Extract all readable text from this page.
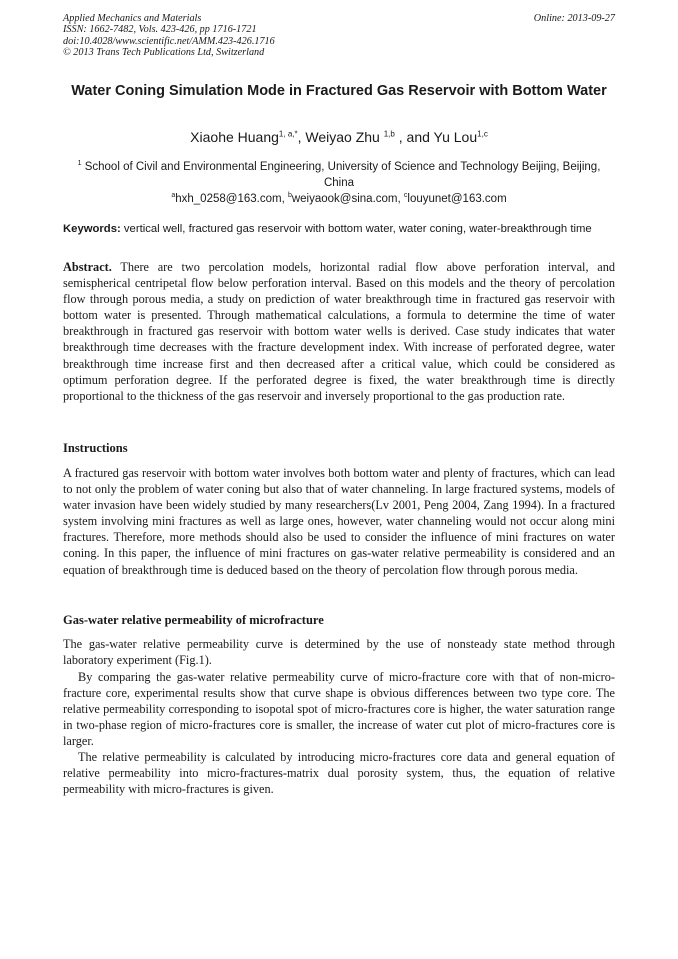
Applied Mechanics and Materials
ISSN: 1662-7482, Vols. 423-426, pp 1716-1721
doi:10.4028/www.scientific.net/AMM.423-426.1716
© 2013 Trans Tech Publications Ltd, Switzerland
Online: 2013-09-27
Water Coning Simulation Mode in Fractured Gas Reservoir with Bottom Water
Xiaohe Huang$^{1, a,*}$, Weiyao Zhu $^{1,b}$ , and Yu Lou$^{1,c}$
$^1$ School of Civil and Environmental Engineering, University of Science and Technology Beijing, Beijing, China
$^a$hxh_0258@163.com, $^b$weiyaook@sina.com, $^c$louyunet@163.com
Keywords: vertical well, fractured gas reservoir with bottom water, water coning, water-breakthrough time

Abstract. There are two percolation models, horizontal radial flow above perforation interval, and semispherical centripetal flow below perforation interval. Based on this models and the theory of percolation flow through porous media, a study on prediction of water breakthrough time in fractured gas reservoir with bottom water is presented. Through mathematical calculations, a formula to determine the time of water breakthrough in fractured gas reservoir with bottom water wells is derived. Case study indicates that water breakthrough time decreases with the fracture development index. With increase of perforated degree, water breakthrough time increase first and then decreased after a critical value, which could be considered as optimum perforation degree. If the perforated degree is fixed, the water breakthrough time is directly proportional to the thickness of the gas reservoir and inversely proportional to the gas production rate.

Instructions

A fractured gas reservoir with bottom water involves both bottom water and plenty of fractures, which can lead to not only the problem of water coning but also that of water channeling. In large fractured systems, models of water invasion have been widely studied by many researchers(Lv 2001, Peng 2004, Zang 1994). In a fractured system involving mini fractures as well as large ones, however, water channeling would not occur along mini fractures. Therefore, more methods should also be used to consider the influence of mini fractures on water coning. In this paper, the influence of mini fractures on gas-water relative permeability is considered and an equation of breakthrough time is deduced based on the theory of percolation flow through porous media.

Gas-water relative permeability of microfracture

The gas-water relative permeability curve is determined by the use of nonsteady state method through laboratory experiment (Fig.1).

By comparing the gas-water relative permeability curve of micro-fracture core with that of non-micro-fracture core, experimental results show that curve shape is obvious differences between two type core. The relative permeability corresponding to isopotal spot of micro-fractures core is higher, the water saturation range in two-phase region of micro-fractures core is smaller, the increase of water cut plot of micro-fractures core is larger.

The relative permeability is calculated by introducing micro-fractures core data and general equation of relative permeability into micro-fractures-matrix dual porosity system, thus, the equation of relative permeability with micro-fractures is given.
